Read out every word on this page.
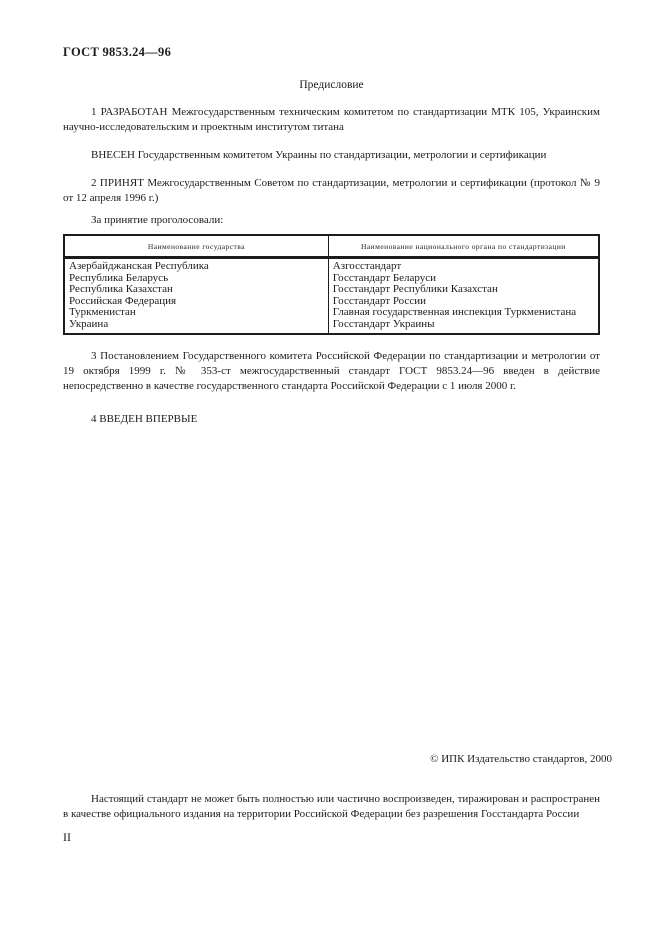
ГОСТ 9853.24—96
Предисловие

1 РАЗРАБОТАН Межгосударственным техническим комитетом по стандартизации МТК 105, Украинским научно-исследовательским и проектным институтом титана

ВНЕСЕН Государственным комитетом Украины по стандартизации, метрологии и сертификации

2 ПРИНЯТ Межгосударственным Советом по стандартизации, метрологии и сертификации (протокол № 9 от 12 апреля 1996 г.)

За принятие проголосовали:

Наименование государства	Наименование национального органа по стандартизации
Азербайджанская Республика	Азгосстандарт
Республика Беларусь	Госстандарт Беларуси
Республика Казахстан	Госстандарт Республики Казахстан
Российская Федерация	Госстандарт России
Туркменистан	Главная государственная инспекция Туркменистана
Украина	Госстандарт Украины

3 Постановлением Государственного комитета Российской Федерации по стандартизации и метрологии от 19 октября 1999 г. № 353-ст межгосударственный стандарт ГОСТ 9853.24—96 введен в действие непосредственно в качестве государственного стандарта Российской Федерации с 1 июля 2000 г.

4 ВВЕДЕН ВПЕРВЫЕ

© ИПК Издательство стандартов, 2000

Настоящий стандарт не может быть полностью или частично воспроизведен, тиражирован и распространен в качестве официального издания на территории Российской Федерации без разрешения Госстандарта России

II
